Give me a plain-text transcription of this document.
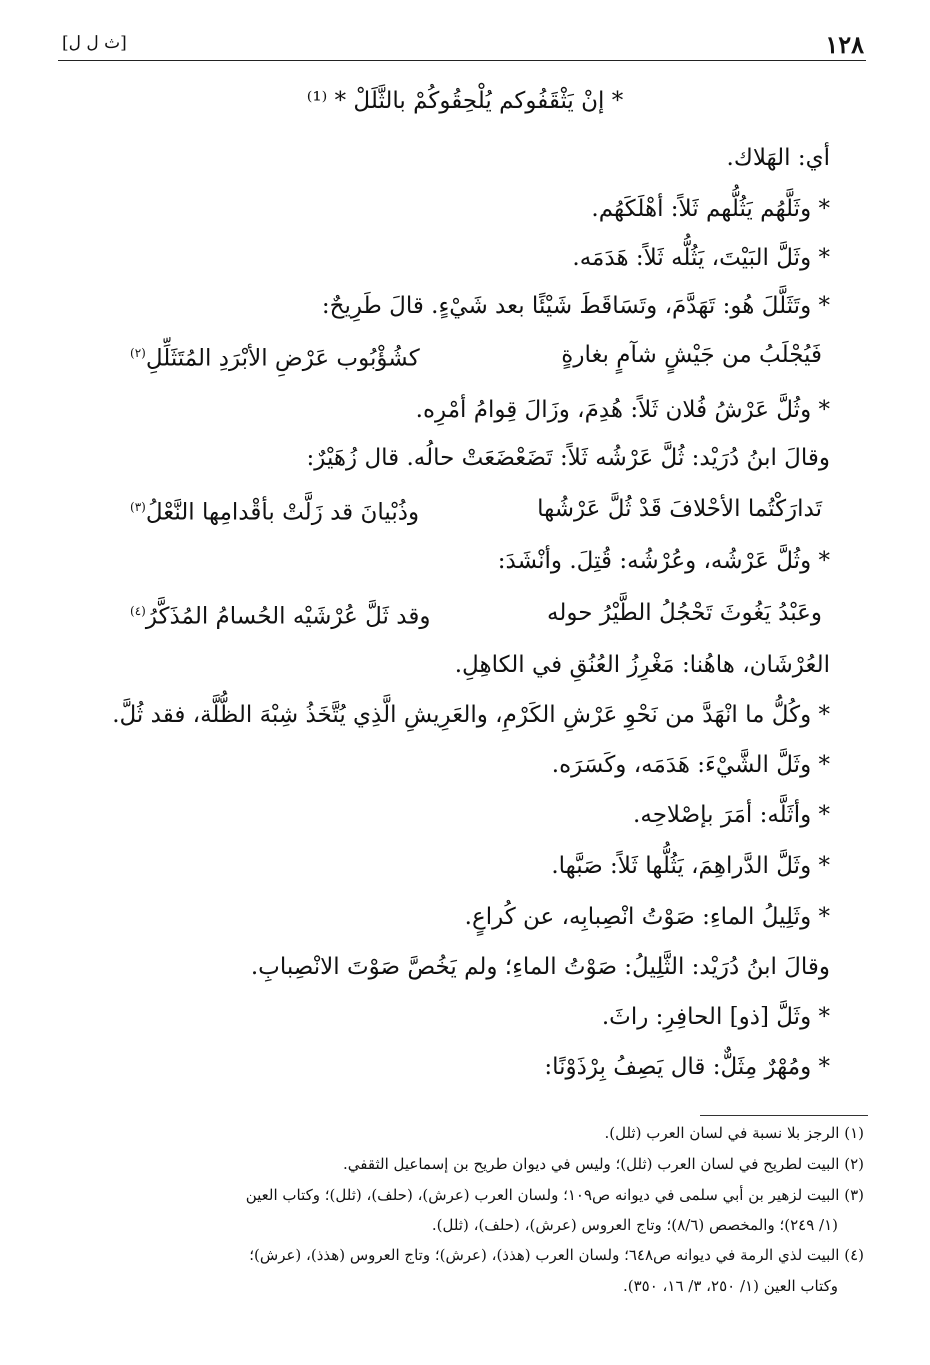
[ث ل ل]	١٢٨
* إنْ يَثْقَفُوكم يُلْحِقُوكُمْ بالثَّلَلْ * ⁽¹⁾
أي: الهَلاك.
* وثَلَّهُم يَثُلُّهم ثَلاً: أهْلَكَهُم.
* وثَلَّ البَيْتَ، يَثُلُّه ثَلاً: هَدَمَه.
* وتَثَلَّلَ هُو: تَهَدَّمَ، وتَسَاقَطَ شَيْئًا بعد شَيْءٍ. قالَ طَرِيحٌ:
فَيُجْلَبُ من جَيْشٍ شآمٍ بغارةٍ
كشُؤْبُوب عَرْضِ الأبْرَدِ المُتَثَلِّلِ$^{(٢)}$
* وثُلَّ عَرْشُ فُلان ثَلاً: هُدِمَ، وزَالَ قِوامُ أمْرِه.
وقالَ ابنُ دُرَيْد: ثُلَّ عَرْشُه ثَلاً: تَضَعْضَعَتْ حالُه. قال زُهَيْرٌ:
تَدارَكْتُما الأحْلافَ قَدْ ثُلَّ عَرْشُها
وذُبْيانَ قد زَلَّتْ بأقْدامِها النَّعْلُ$^{(٣)}$
* وثُلَّ عَرْشُه، وعُرْشُه: قُتِلَ. وأنْشَدَ:
وعَبْدُ يَغُوثَ تَحْجُلُ الطَّيْرُ حوله
وقد ثَلَّ عُرْشَيْه الحُسامُ المُذَكَّرُ$^{(٤)}$
العُرْشَان، هاهُنا: مَغْرِزُ العُنُقِ في الكاهِلِ.
* وكُلُّ ما انْهَدَّ من نَحْوِ عَرْشِ الكَرْمِ، والعَرِيشِ الَّذِي يُتَّخَذُ شِبْهَ الظُّلَّة، فقد ثُلَّ.
* وثَلَّ الشَّيْءَ: هَدَمَه، وكَسَرَه.
* وأثَلَّه: أمَرَ بإصْلاحِه.
* وثَلَّ الدَّراهِمَ، يَثُلُّها ثَلاً: صَبَّها.
* وثَلِيلُ الماءِ: صَوْتُ انْصِبابِه، عن كُراعٍ.
وقالَ ابنُ دُرَيْد: الثَّلِيلُ: صَوْتُ الماءِ؛ ولم يَخُصَّ صَوْتَ الانْصِبابِ.
* وثَلَّ [ذو] الحافِرِ: راثَ.
* ومُهْرٌ مِثَلٌّ: قال يَصِفُ بِرْذَوْنًا:
(١) الرجز بلا نسبة في لسان العرب (ثلل).
(٢) البيت لطريح في لسان العرب (ثلل)؛ وليس في ديوان طريح بن إسماعيل الثقفي.
(٣) البيت لزهير بن أبي سلمى في ديوانه ص١٠٩؛ ولسان العرب (عرش)، (حلف)، (ثلل)؛ وكتاب العين
(١/ ٢٤٩)؛ والمخصص (٨/٦)؛ وتاج العروس (عرش)، (حلف)، (ثلل).
(٤) البيت لذي الرمة في ديوانه ص٦٤٨؛ ولسان العرب (هذذ)، (عرش)؛ وتاج العروس (هذذ)، (عرش)؛
وكتاب العين (١/ ٢٥٠، ٣/ ١٦، ٣٥٠).
